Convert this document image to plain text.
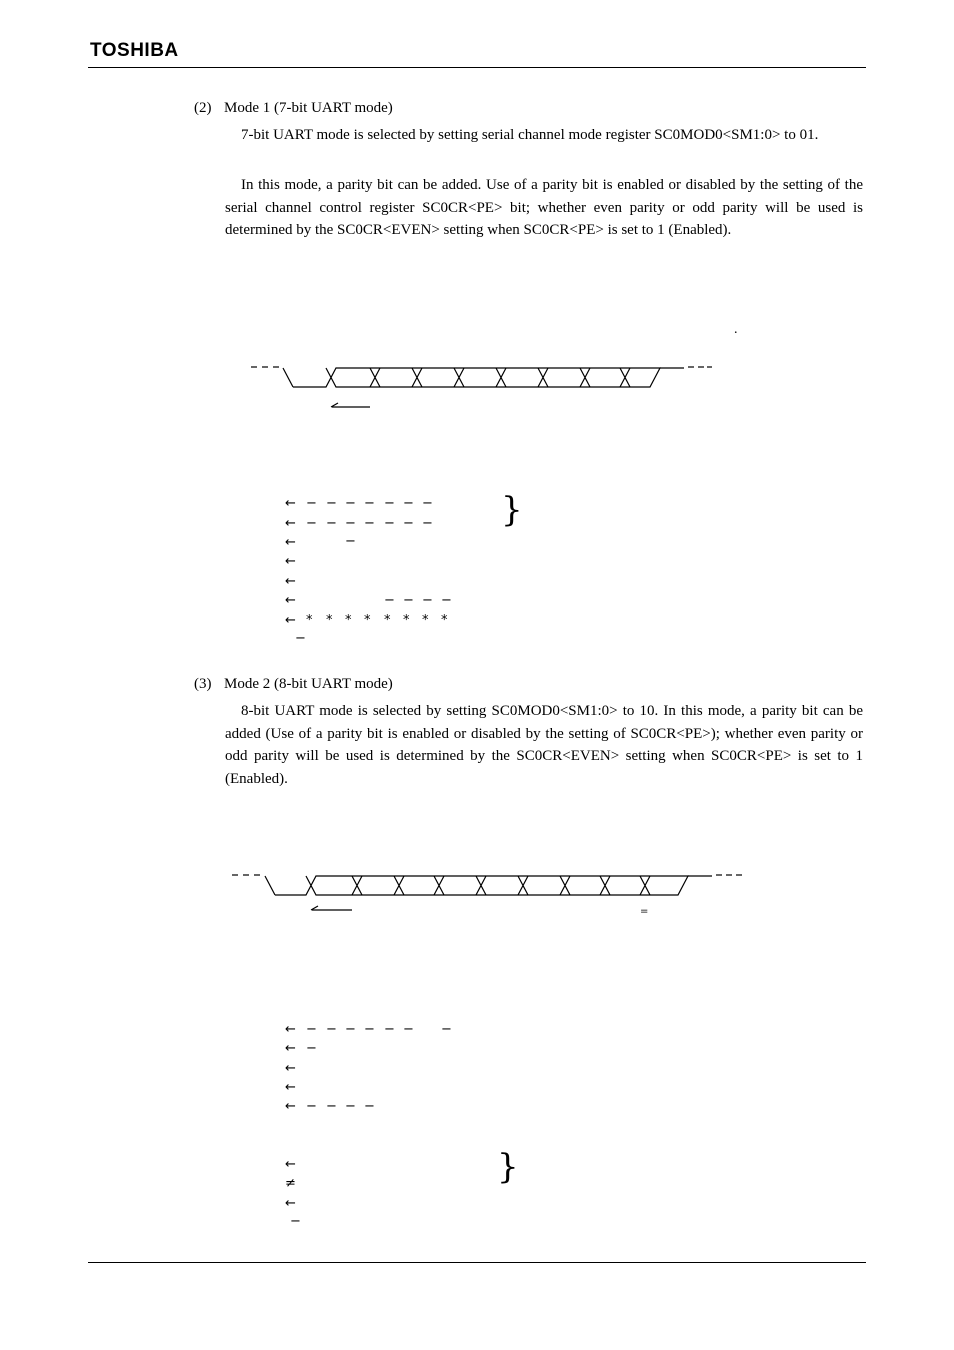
TOSHIBA
(2) Mode 1 (7-bit UART mode)

7-bit UART mode is selected by setting serial channel mode register SC0MOD0<SM1:0> to 01.

In this mode, a parity bit can be added. Use of a parity bit is enabled or disabled by the setting of the serial channel control register SC0CR<PE> bit; whether even parity or odd parity will be used is determined by the SC0CR<EVEN> setting when SC0CR<PE> is set to 1 (Enabled).

.
← − − − − − − −
← − − − − − − − }
←	−
←
←
←	− − − −
← * * * * * * * *
−
(3) Mode 2 (8-bit UART mode)

8-bit UART mode is selected by setting SC0MOD0<SM1:0> to 10. In this mode, a parity bit can be added (Use of a parity bit is enabled or disabled by the setting of SC0CR<PE>); whether even parity or odd parity will be used is determined by the SC0CR<EVEN> setting when SC0CR<PE> is set to 1 (Enabled).

=
← − − − − − − −
← −
←
←
← − − − −
←	}
≠
←
−
